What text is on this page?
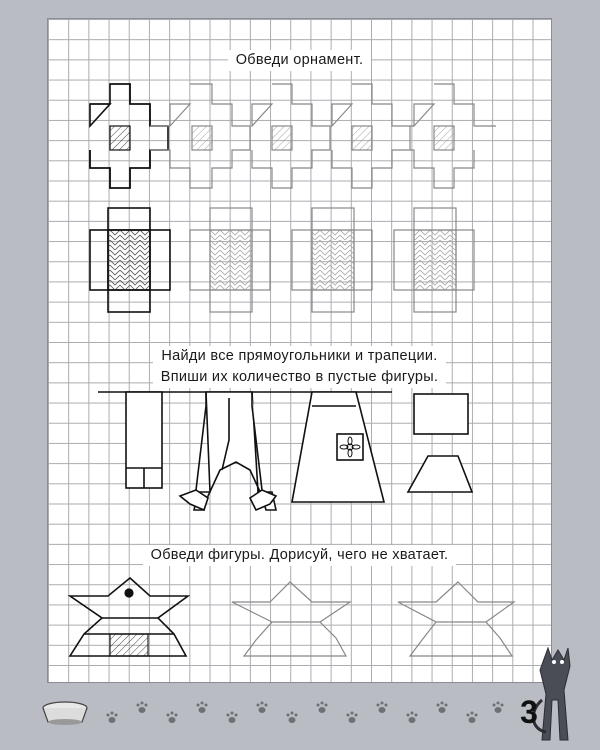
Обведи орнамент.
Найди все прямоугольники и трапеции.
Впиши их количество в пустые фигуры.
Обведи фигуры. Дорисуй, чего не хватает.
3
